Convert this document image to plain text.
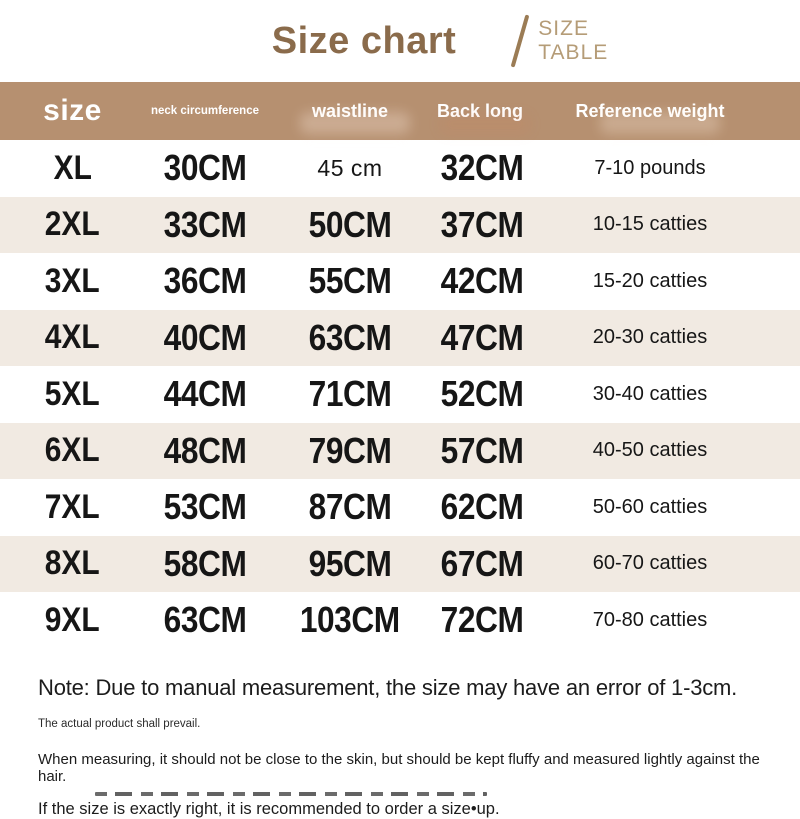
Size chart	SIZE
TABLE
size	neck circumference	waistline	Back long	Reference weight
XL	30CM	45 cm	32CM	7-10 pounds
2XL	33CM	50CM	37CM	10-15 catties
3XL	36CM	55CM	42CM	15-20 catties
4XL	40CM	63CM	47CM	20-30 catties
5XL	44CM	71CM	52CM	30-40 catties
6XL	48CM	79CM	57CM	40-50 catties
7XL	53CM	87CM	62CM	50-60 catties
8XL	58CM	95CM	67CM	60-70 catties
9XL	63CM	103CM	72CM	70-80 catties
Note: Due to manual measurement, the size may have an error of 1-3cm.
The actual product shall prevail.
When measuring, it should not be close to the skin, but should be kept fluffy and measured lightly against the hair.
If the size is exactly right, it is recommended to order a size•up.
